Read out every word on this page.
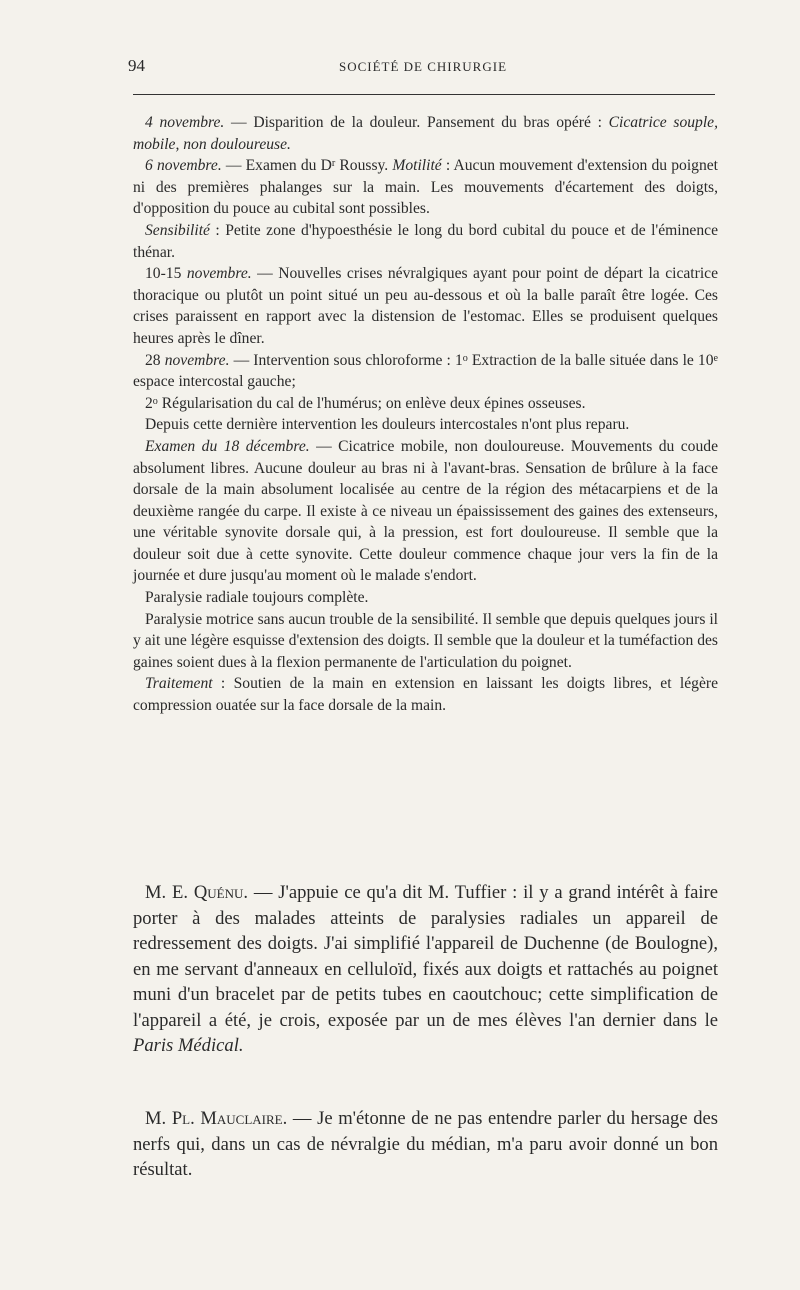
94	SOCIÉTÉ DE CHIRURGIE

4 novembre. — Disparition de la douleur. Pansement du bras opéré : Cicatrice souple, mobile, non douloureuse.

6 novembre. — Examen du $D^r$ Roussy. Motilité : Aucun mouvement d'extension du poignet ni des premières phalanges sur la main. Les mouvements d'écartement des doigts, d'opposition du pouce au cubital sont possibles.

Sensibilité : Petite zone d'hypoesthésie le long du bord cubital du pouce et de l'éminence thénar.

10-15 novembre. — Nouvelles crises névralgiques ayant pour point de départ la cicatrice thoracique ou plutôt un point situé un peu au-dessous et où la balle paraît être logée. Ces crises paraissent en rapport avec la distension de l'estomac. Elles se produisent quelques heures après le dîner.

28 novembre. — Intervention sous chloroforme : 1$^o$ Extraction de la balle située dans le 10e espace intercostal gauche;

2$^o$ Régularisation du cal de l'humérus; on enlève deux épines osseuses.

Depuis cette dernière intervention les douleurs intercostales n'ont plus reparu.

Examen du 18 décembre. — Cicatrice mobile, non douloureuse. Mouvements du coude absolument libres. Aucune douleur au bras ni à l'avant-bras. Sensation de brûlure à la face dorsale de la main absolument localisée au centre de la région des métacarpiens et de la deuxième rangée du carpe. Il existe à ce niveau un épaississement des gaines des extenseurs, une véritable synovite dorsale qui, à la pression, est fort douloureuse. Il semble que la douleur soit due à cette synovite. Cette douleur commence chaque jour vers la fin de la journée et dure jusqu'au moment où le malade s'endort.

Paralysie radiale toujours complète.

Paralysie motrice sans aucun trouble de la sensibilité. Il semble que depuis quelques jours il y ait une légère esquisse d'extension des doigts. Il semble que la douleur et la tuméfaction des gaines soient dues à la flexion permanente de l'articulation du poignet.

Traitement : Soutien de la main en extension en laissant les doigts libres, et légère compression ouatée sur la face dorsale de la main.

M. E. Quénu. — J'appuie ce qu'a dit M. Tuffier : il y a grand intérêt à faire porter à des malades atteints de paralysies radiales un appareil de redressement des doigts. J'ai simplifié l'appareil de Duchenne (de Boulogne), en me servant d'anneaux en celluloïd, fixés aux doigts et rattachés au poignet muni d'un bracelet par de petits tubes en caoutchouc; cette simplification de l'appareil a été, je crois, exposée par un de mes élèves l'an dernier dans le Paris Médical.

M. Pl. Mauclaire. — Je m'étonne de ne pas entendre parler du hersage des nerfs qui, dans un cas de névralgie du médian, m'a paru avoir donné un bon résultat.
